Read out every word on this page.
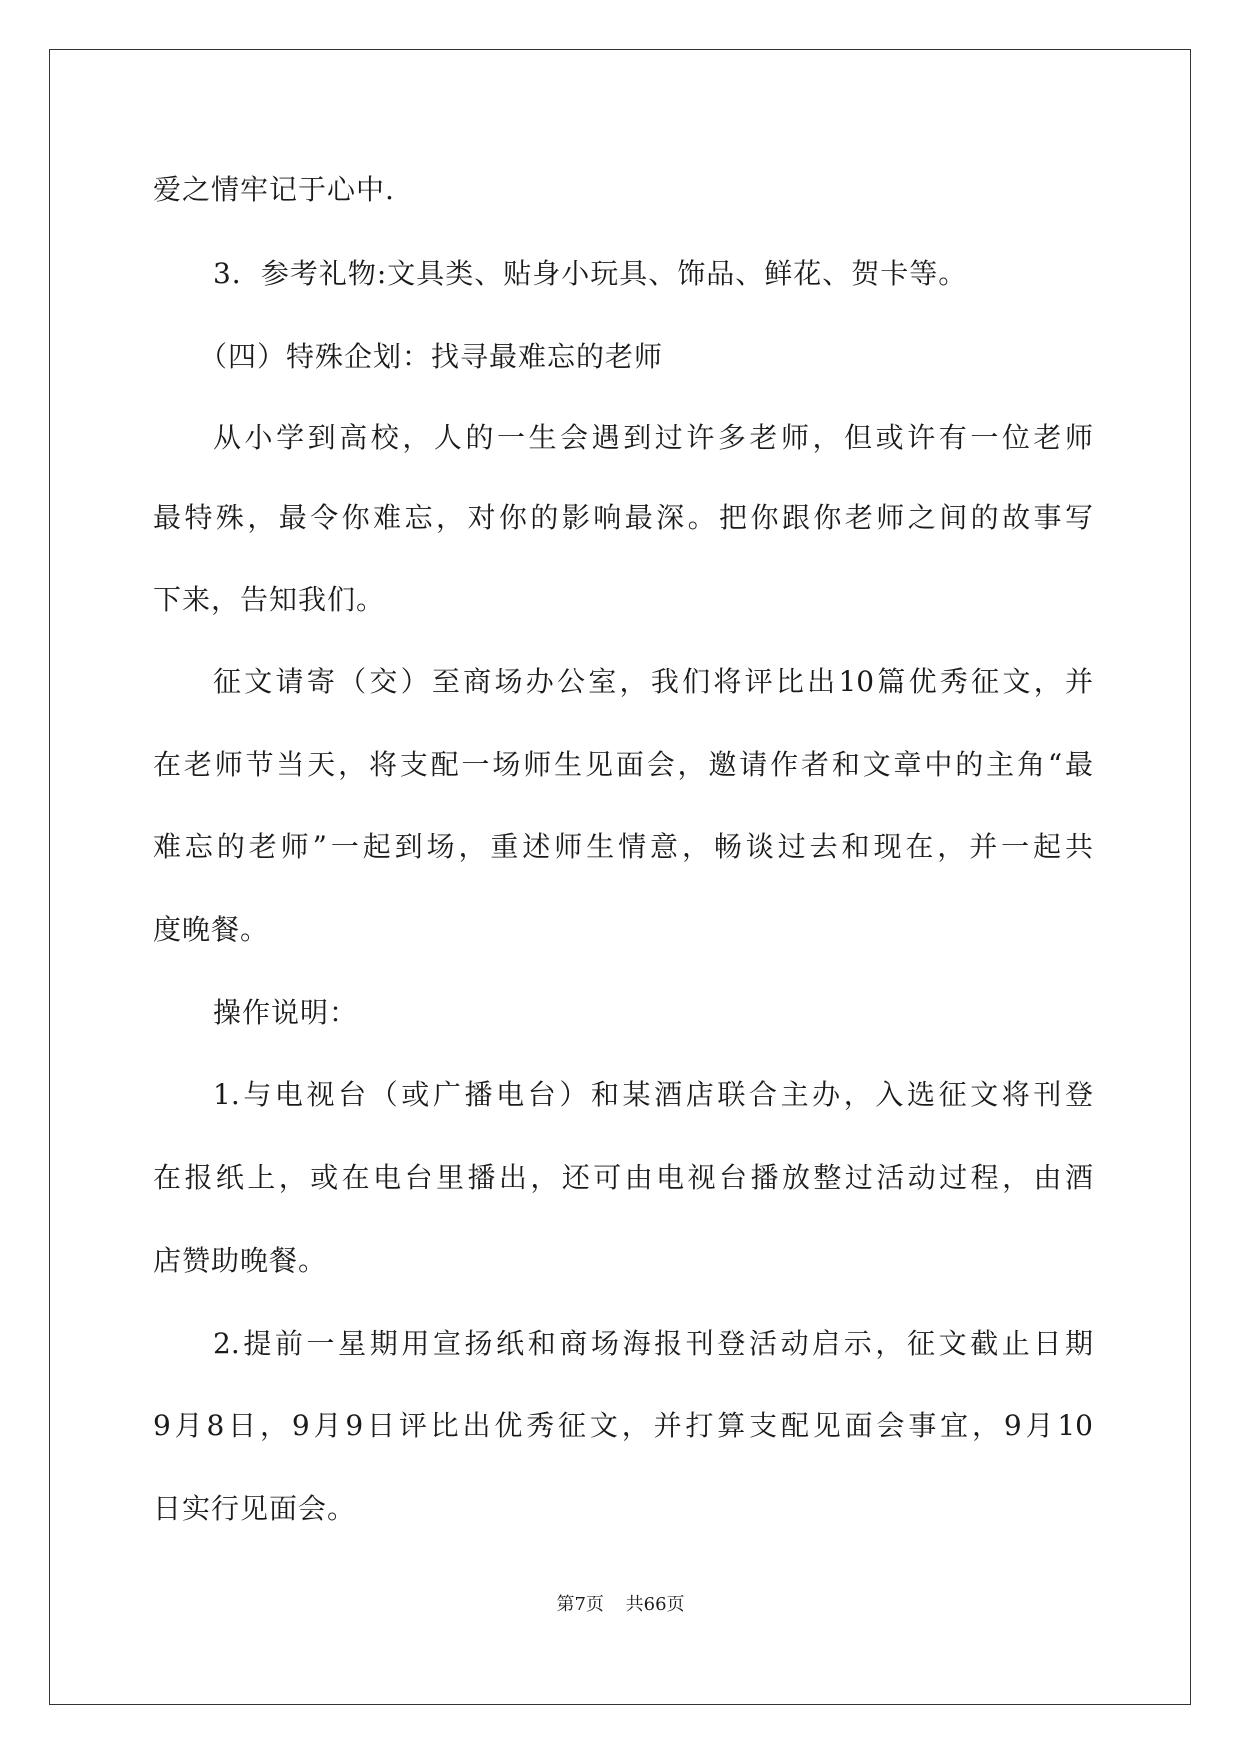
爱之情牢记于心中.
3．参考礼物:文具类、贴身小玩具、饰品、鲜花、贺卡等。
（四）特殊企划：找寻最难忘的老师
从小学到高校，人的一生会遇到过许多老师，但或许有一位老师
最特殊，最令你难忘，对你的影响最深。把你跟你老师之间的故事写
下来，告知我们。
征文请寄（交）至商场办公室，我们将评比出10篇优秀征文，并
在老师节当天，将支配一场师生见面会，邀请作者和文章中的主角“最
难忘的老师”一起到场，重述师生情意，畅谈过去和现在，并一起共
度晚餐。
操作说明：
1.与电视台（或广播电台）和某酒店联合主办，入选征文将刊登
在报纸上，或在电台里播出，还可由电视台播放整过活动过程，由酒
店赞助晚餐。
2.提前一星期用宣扬纸和商场海报刊登活动启示，征文截止日期
9月8日，9月9日评比出优秀征文，并打算支配见面会事宜，9月10
日实行见面会。
第7页 共66页
